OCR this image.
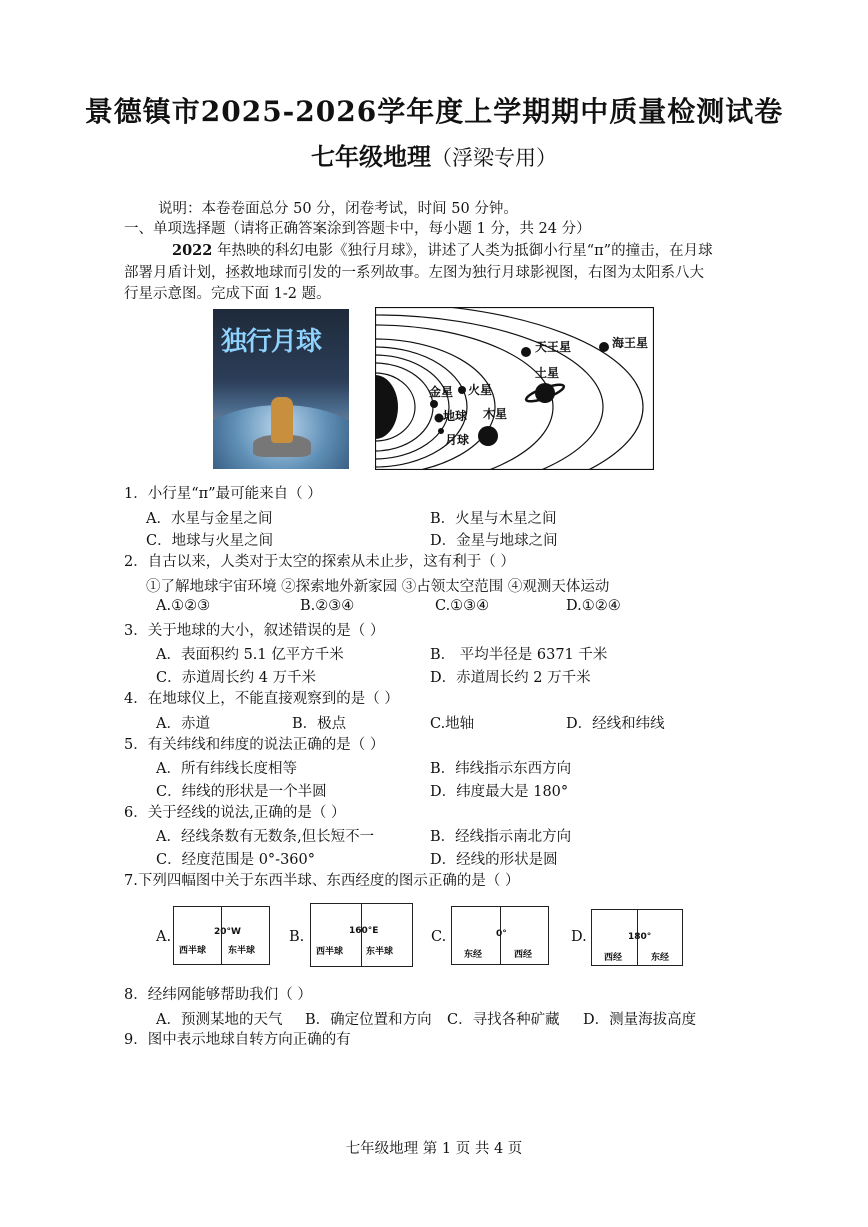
景德镇市2025-2026学年度上学期期中质量检测试卷
七年级地理（浮梁专用）
说明：本卷卷面总分 50 分，闭卷考试，时间 50 分钟。
一、单项选择题（请将正确答案涂到答题卡中，每小题 1 分，共 24 分）
2022 年热映的科幻电影《独行月球》，讲述了人类为抵御小行星“π”的撞击，在月球
部署月盾计划，拯救地球而引发的一系列故事。左图为独行月球影视图，右图为太阳系八大
行星示意图。完成下面 1-2 题。
独行月球
水
金星 火星
地球 木星
月球
土星
天王星	海王星
1．小行星“π”最可能来自（ ）
A．水星与金星之间	B．火星与木星之间
C．地球与火星之间	D．金星与地球之间
2．自古以来，人类对于太空的探索从未止步，这有利于（ ）
①了解地球宇宙环境 ②探索地外新家园 ③占领太空范围 ④观测天体运动
A.①②③	B.②③④	C.①③④	D.①②④
3．关于地球的大小，叙述错误的是（ ）
A．表面积约 5.1 亿平方千米	B． 平均半径是 6371 千米
C．赤道周长约 4 万千米	D．赤道周长约 2 万千米
4．在地球仪上，不能直接观察到的是（ ）
A．赤道	B．极点	C.地轴	D．经线和纬线
5．有关纬线和纬度的说法正确的是（ ）
A．所有纬线长度相等	B．纬线指示东西方向
C．纬线的形状是一个半圆	D．纬度最大是 180°
6．关于经线的说法,正确的是（ ）
A．经线条数有无数条‚但长短不一	B．经线指示南北方向
C．经度范围是 0°-360°	D．经线的形状是圆
7.下列四幅图中关于东西半球、东西经度的图示正确的是（ ）
A.	20°W
西半球 东半球
B.	160°E
西半球	东半球
C.	0°
东经	西经
D.	180°
西经	东经
8．经纬网能够帮助我们（ ）
A．预测某地的天气 B．确定位置和方向 C．寻找各种矿藏 D．测量海拔高度
9．图中表示地球自转方向正确的有
七年级地理 第 1 页 共 4 页
